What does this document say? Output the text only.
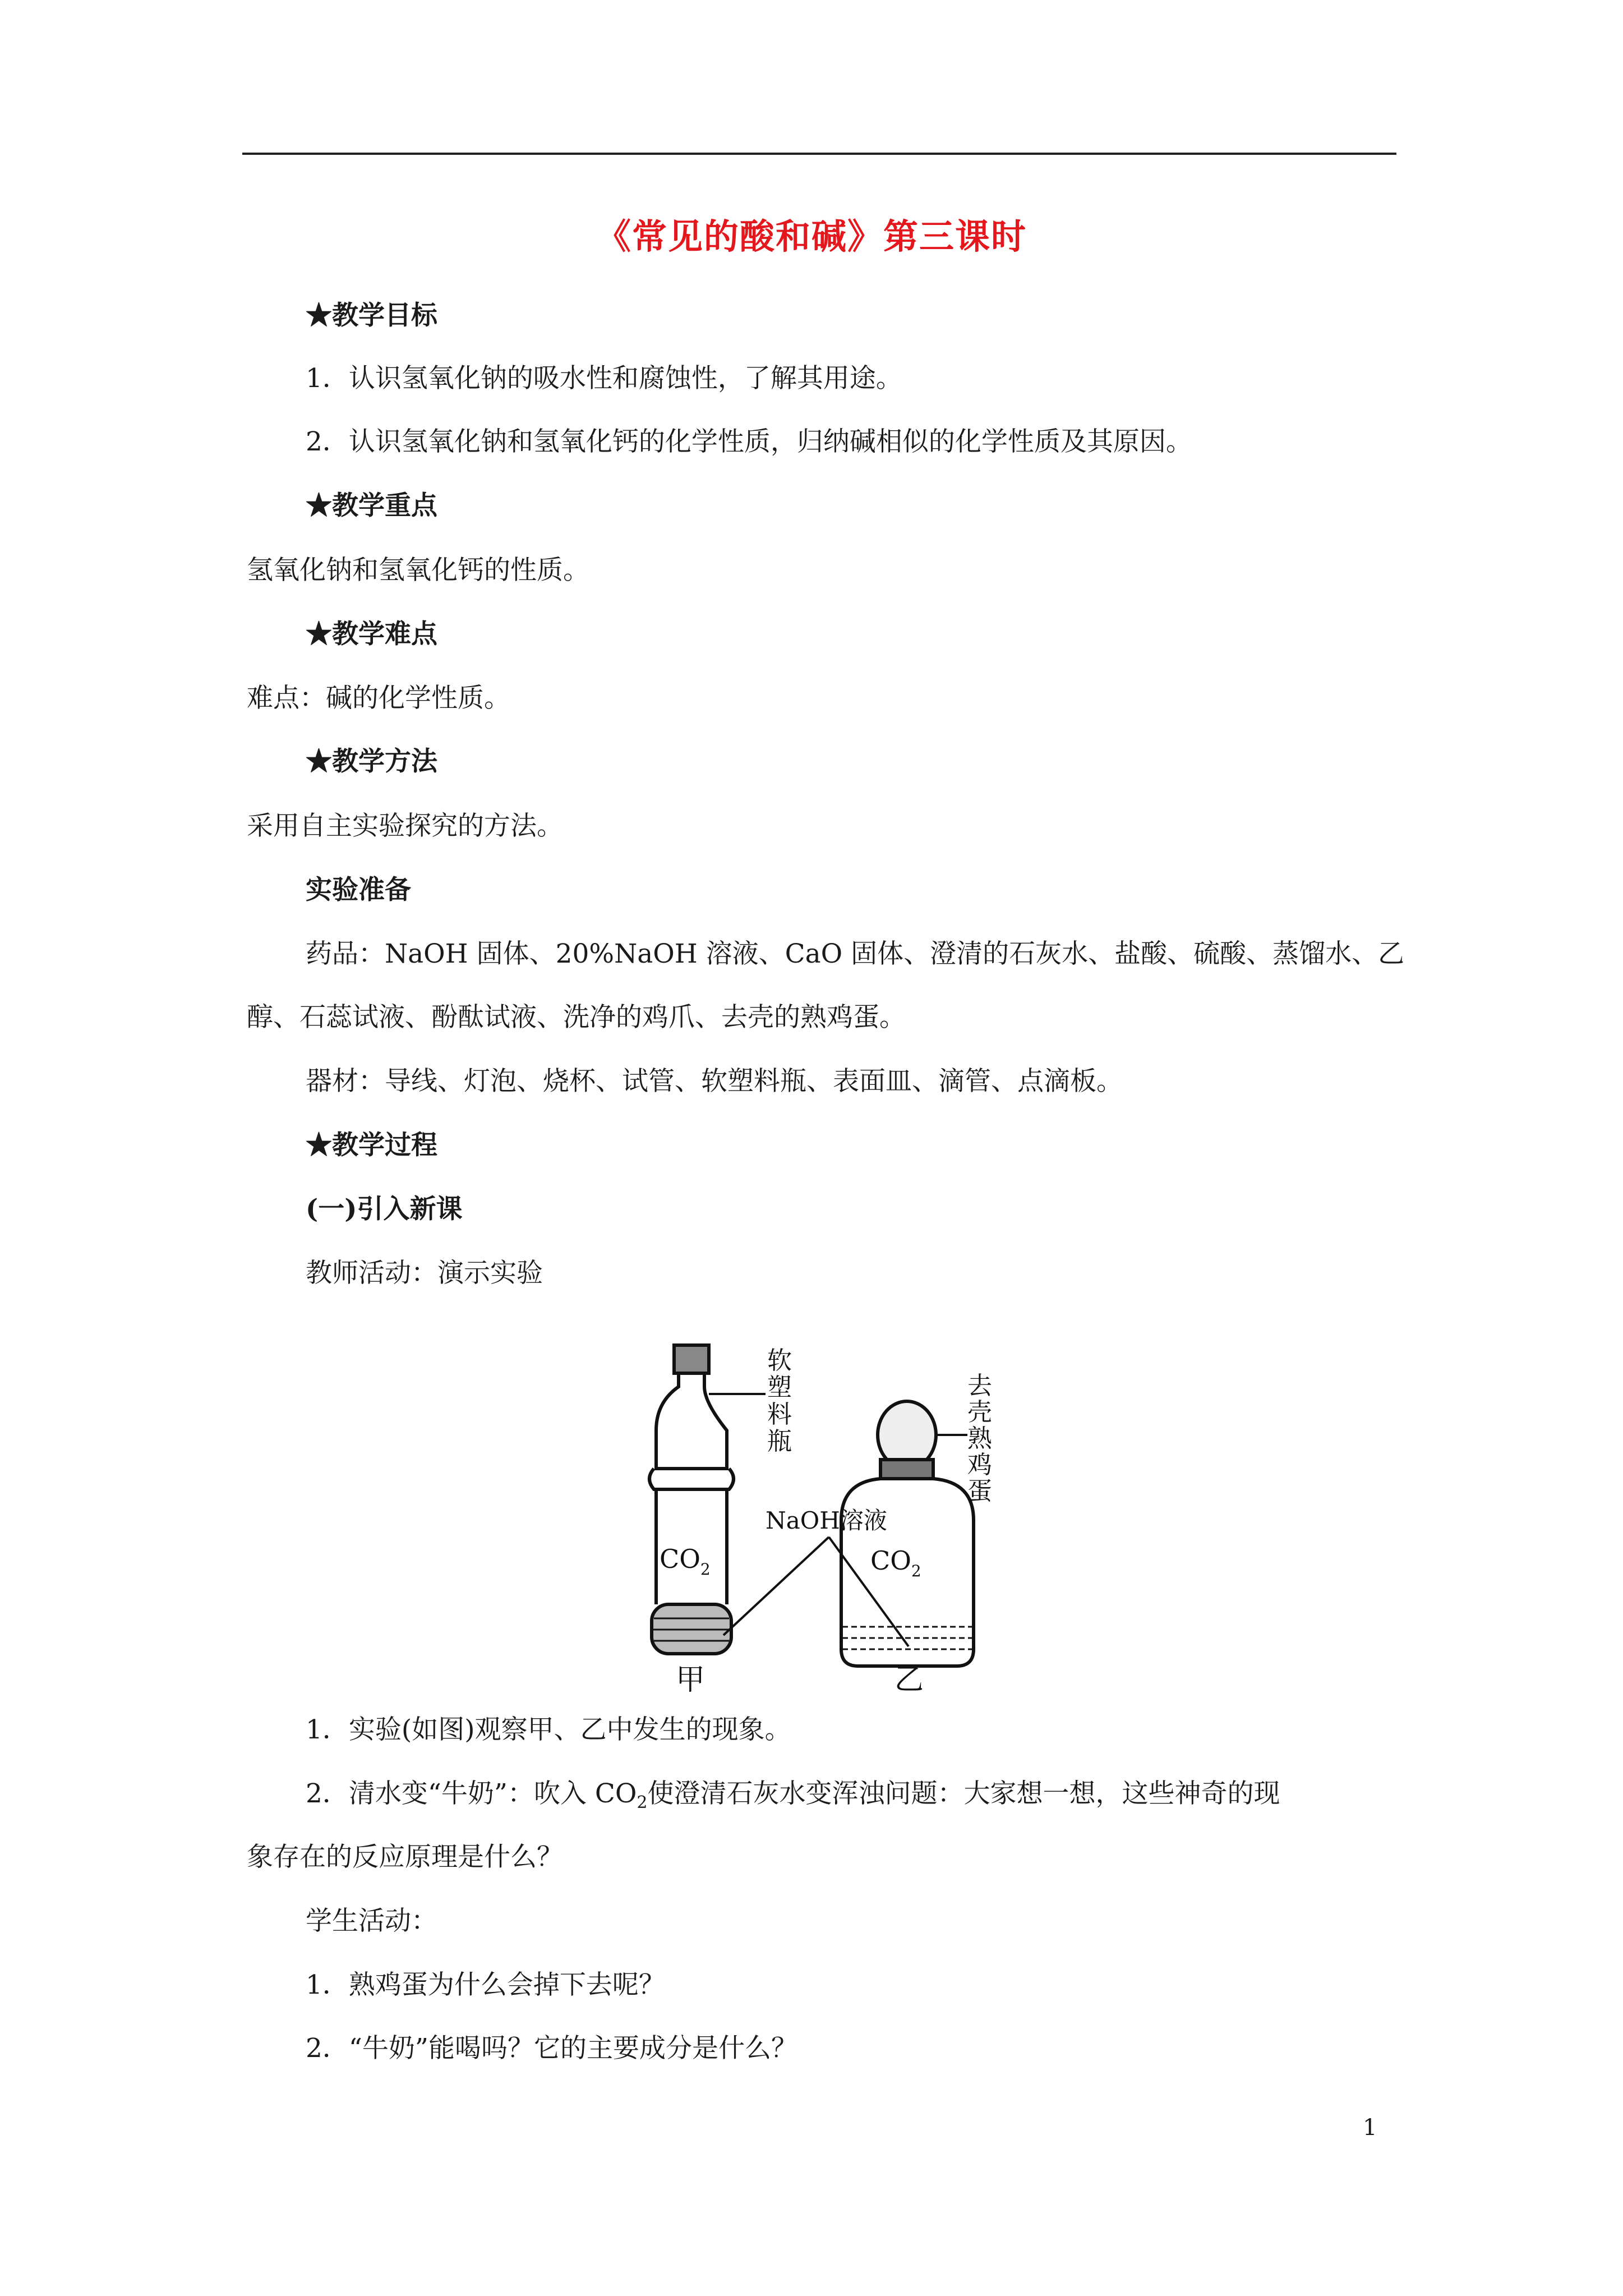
《常见的酸和碱》第三课时
★教学目标
1．认识氢氧化钠的吸水性和腐蚀性，了解其用途。
2．认识氢氧化钠和氢氧化钙的化学性质，归纳碱相似的化学性质及其原因。
★教学重点
氢氧化钠和氢氧化钙的性质。
★教学难点
难点：碱的化学性质。
★教学方法
采用自主实验探究的方法。
实验准备
药品：NaOH 固体、20%NaOH 溶液、CaO 固体、澄清的石灰水、盐酸、硫酸、蒸馏水、乙
醇、石蕊试液、酚酞试液、洗净的鸡爪、去壳的熟鸡蛋。
器材：导线、灯泡、烧杯、试管、软塑料瓶、表面皿、滴管、点滴板。
★教学过程
(一)引入新课
教师活动：演示实验
软
塑
料
瓶
去
壳
熟
鸡
蛋
NaOH溶液
$CO_2$	$CO_2$
甲	乙
1．实验(如图)观察甲、乙中发生的现象。
2．清水变“牛奶”：吹入 $CO_2$使澄清石灰水变浑浊问题：大家想一想，这些神奇的现
象存在的反应原理是什么？
学生活动：
1．熟鸡蛋为什么会掉下去呢？
2．“牛奶”能喝吗？它的主要成分是什么？
1
